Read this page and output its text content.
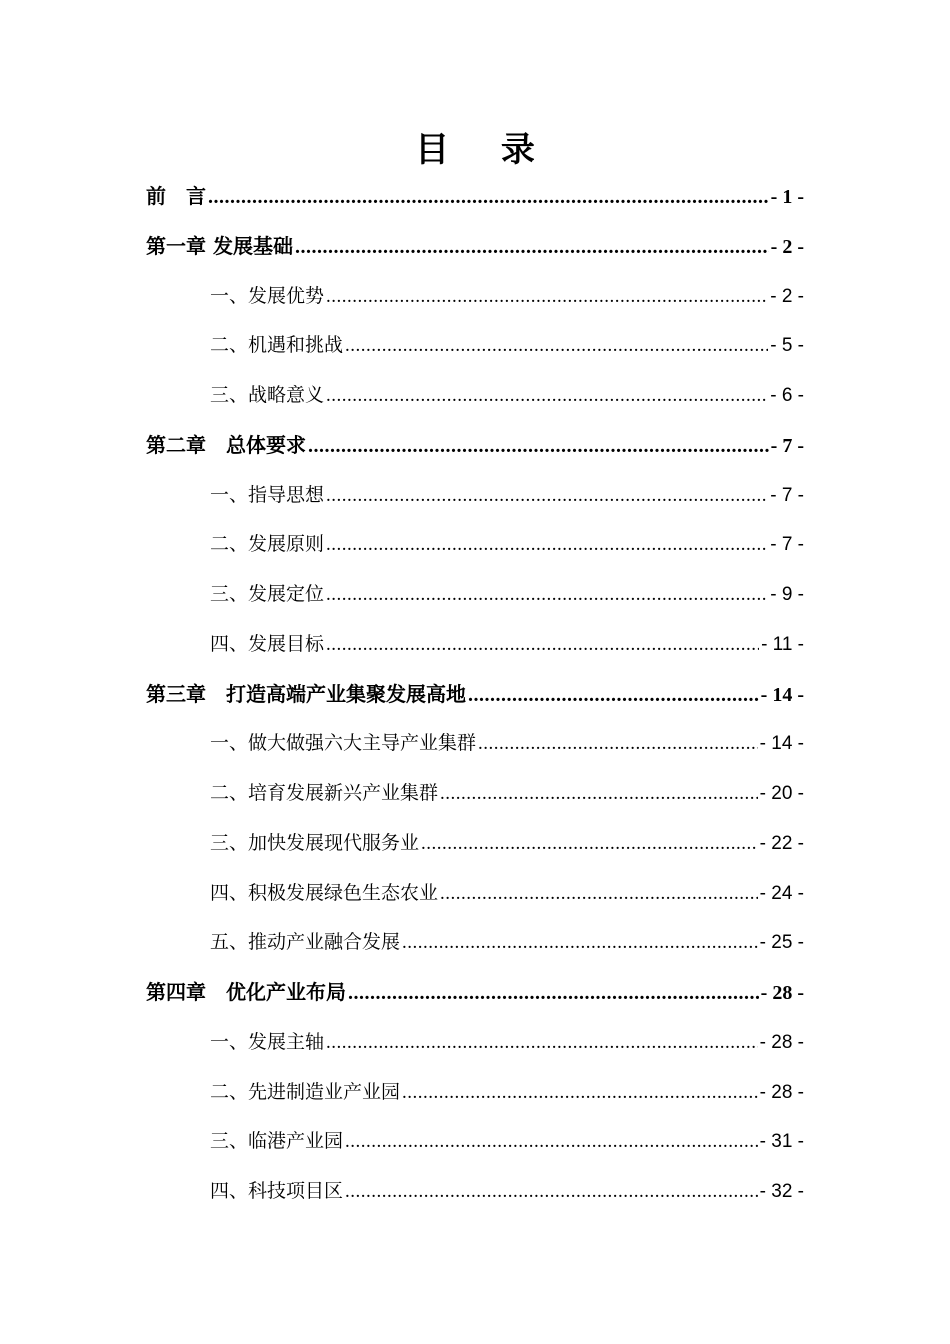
目 录
前　言 .....	- 1 -
第一章 发展基础 .....	- 2 -
一、发展优势 .....	- 2 -
二、机遇和挑战 .....	- 5 -
三、战略意义 .....	- 6 -
第二章　总体要求 .....	- 7 -
一、指导思想 .....	- 7 -
二、发展原则 .....	- 7 -
三、发展定位 .....	- 9 -
四、发展目标 .....	- 11 -
第三章　打造高端产业集聚发展高地 .....	- 14 -
一、做大做强六大主导产业集群 .....	- 14 -
二、培育发展新兴产业集群 .....	- 20 -
三、加快发展现代服务业 .....	- 22 -
四、积极发展绿色生态农业 .....	- 24 -
五、推动产业融合发展 .....	- 25 -
第四章　优化产业布局 .....	- 28 -
一、发展主轴 .....	- 28 -
二、先进制造业产业园 .....	- 28 -
三、临港产业园 .....	- 31 -
四、科技项目区 .....	- 32 -
